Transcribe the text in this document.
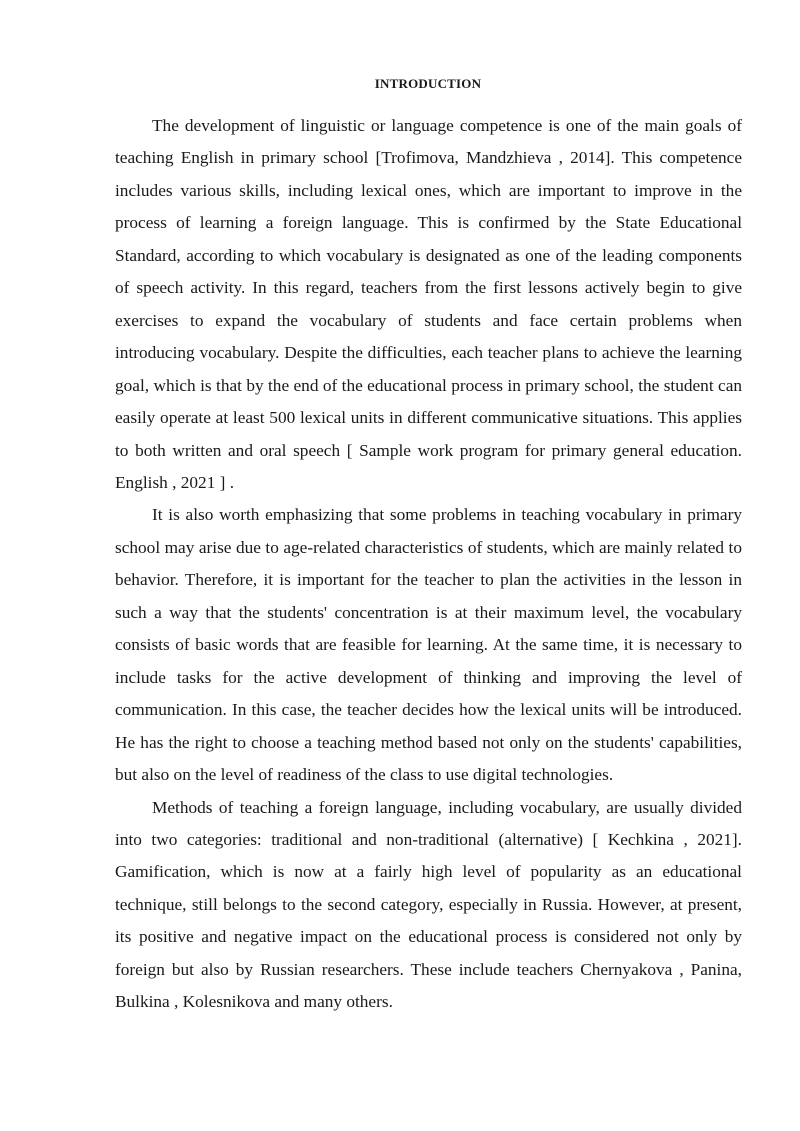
INTRODUCTION

The development of linguistic or language competence is one of the main goals of teaching English in primary school [Trofimova, Mandzhieva , 2014]. This competence includes various skills, including lexical ones, which are important to improve in the process of learning a foreign language. This is confirmed by the State Educational Standard, according to which vocabulary is designated as one of the leading components of speech activity. In this regard, teachers from the first lessons actively begin to give exercises to expand the vocabulary of students and face certain problems when introducing vocabulary. Despite the difficulties, each teacher plans to achieve the learning goal, which is that by the end of the educational process in primary school, the student can easily operate at least 500 lexical units in different communicative situations. This applies to both written and oral speech [ Sample work program for primary general education. English , 2021 ] .

It is also worth emphasizing that some problems in teaching vocabulary in primary school may arise due to age-related characteristics of students, which are mainly related to behavior. Therefore, it is important for the teacher to plan the activities in the lesson in such a way that the students' concentration is at their maximum level, the vocabulary consists of basic words that are feasible for learning. At the same time, it is necessary to include tasks for the active development of thinking and improving the level of communication. In this case, the teacher decides how the lexical units will be introduced. He has the right to choose a teaching method based not only on the students' capabilities, but also on the level of readiness of the class to use digital technologies.

Methods of teaching a foreign language, including vocabulary, are usually divided into two categories: traditional and non-traditional (alternative) [ Kechkina , 2021]. Gamification, which is now at a fairly high level of popularity as an educational technique, still belongs to the second category, especially in Russia. However, at present, its positive and negative impact on the educational process is considered not only by foreign but also by Russian researchers. These include teachers Chernyakova , Panina, Bulkina , Kolesnikova and many others.
